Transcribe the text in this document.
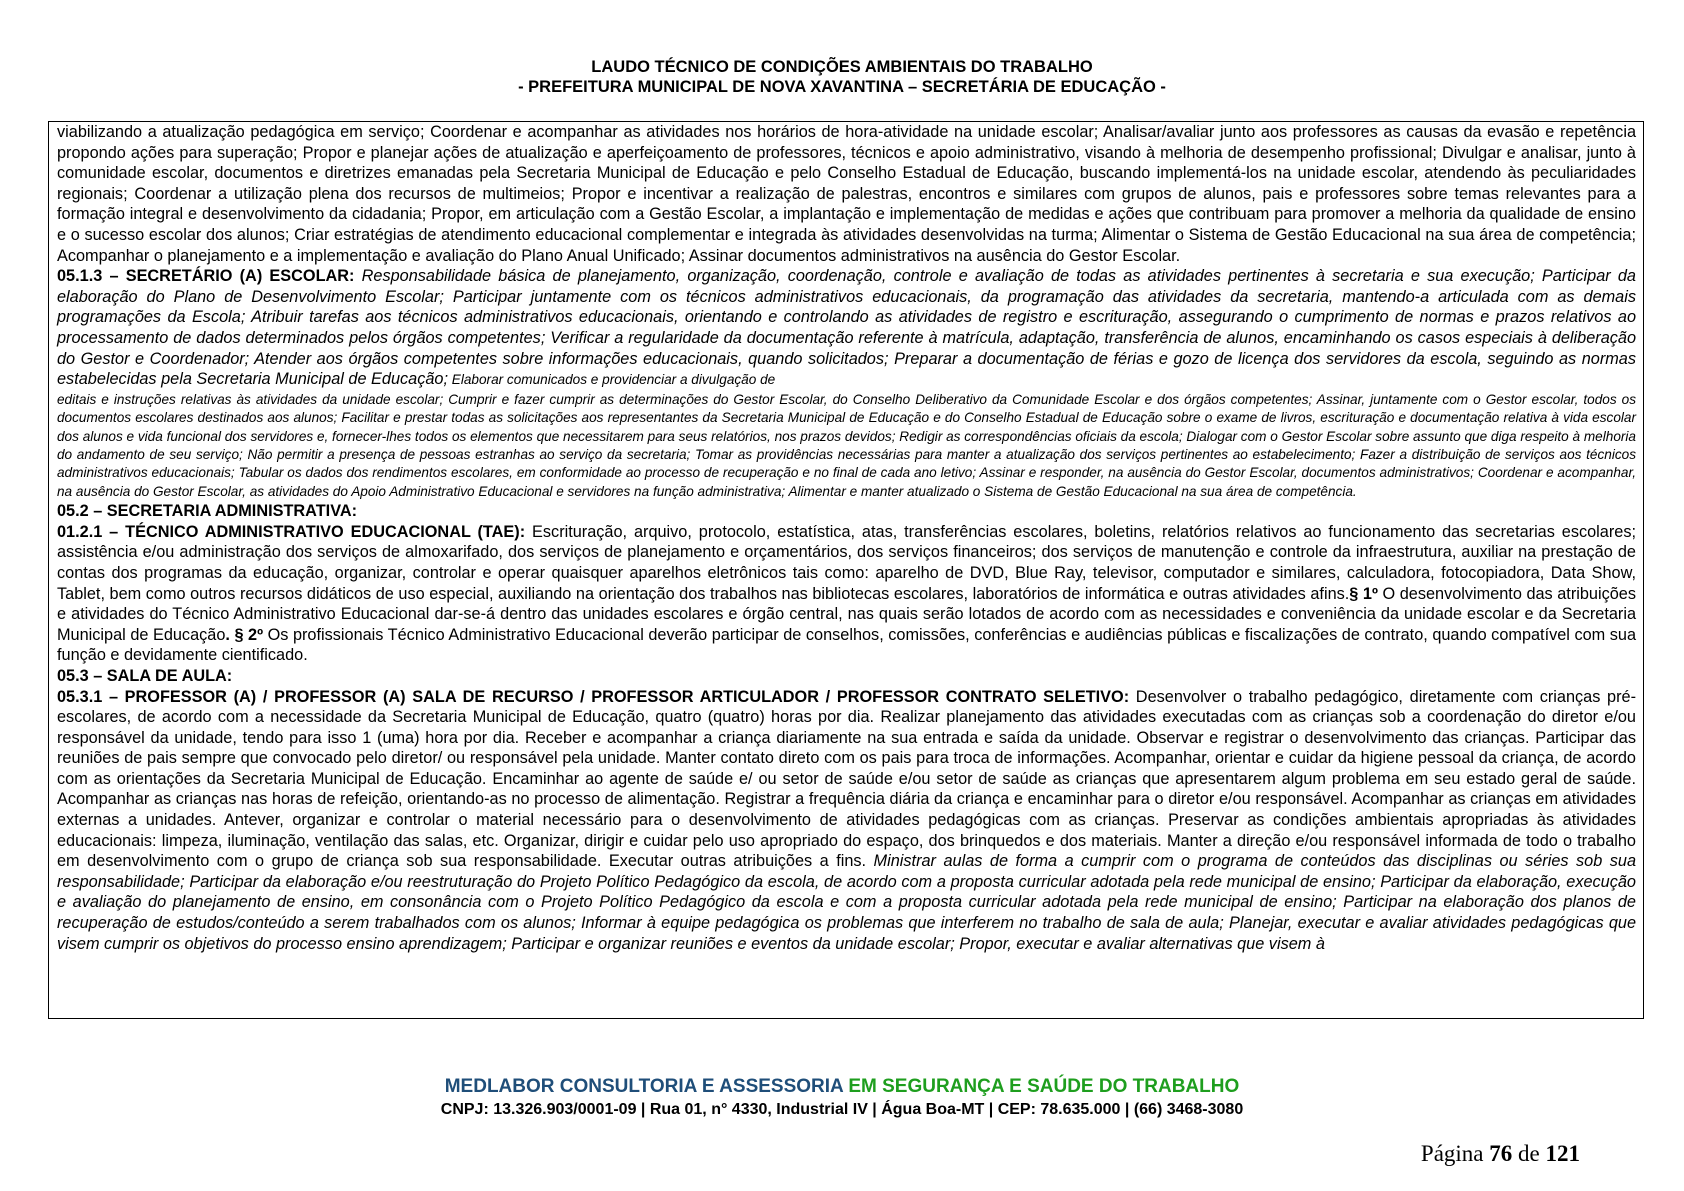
LAUDO TÉCNICO DE CONDIÇÕES AMBIENTAIS DO TRABALHO
- PREFEITURA MUNICIPAL DE NOVA XAVANTINA – SECRETÁRIA DE EDUCAÇÃO -

viabilizando a atualização pedagógica em serviço; Coordenar e acompanhar as atividades nos horários de hora-atividade na unidade escolar; Analisar/avaliar junto aos professores as causas da evasão e repetência propondo ações para superação; Propor e planejar ações de atualização e aperfeiçoamento de professores, técnicos e apoio administrativo, visando à melhoria de desempenho profissional; Divulgar e analisar, junto à comunidade escolar, documentos e diretrizes emanadas pela Secretaria Municipal de Educação e pelo Conselho Estadual de Educação, buscando implementá-los na unidade escolar, atendendo às peculiaridades regionais; Coordenar a utilização plena dos recursos de multimeios; Propor e incentivar a realização de palestras, encontros e similares com grupos de alunos, pais e professores sobre temas relevantes para a formação integral e desenvolvimento da cidadania; Propor, em articulação com a Gestão Escolar, a implantação e implementação de medidas e ações que contribuam para promover a melhoria da qualidade de ensino e o sucesso escolar dos alunos; Criar estratégias de atendimento educacional complementar e integrada às atividades desenvolvidas na turma; Alimentar o Sistema de Gestão Educacional na sua área de competência; Acompanhar o planejamento e a implementação e avaliação do Plano Anual Unificado; Assinar documentos administrativos na ausência do Gestor Escolar.

05.1.3 – SECRETÁRIO (A) ESCOLAR: Responsabilidade básica de planejamento, organização, coordenação, controle e avaliação de todas as atividades pertinentes à secretaria e sua execução; Participar da elaboração do Plano de Desenvolvimento Escolar; Participar juntamente com os técnicos administrativos educacionais, da programação das atividades da secretaria, mantendo-a articulada com as demais programações da Escola; Atribuir tarefas aos técnicos administrativos educacionais, orientando e controlando as atividades de registro e escrituração, assegurando o cumprimento de normas e prazos relativos ao processamento de dados determinados pelos órgãos competentes; Verificar a regularidade da documentação referente à matrícula, adaptação, transferência de alunos, encaminhando os casos especiais à deliberação do Gestor e Coordenador; Atender aos órgãos competentes sobre informações educacionais, quando solicitados; Preparar a documentação de férias e gozo de licença dos servidores da escola, seguindo as normas estabelecidas pela Secretaria Municipal de Educação; Elaborar comunicados e providenciar a divulgação de

editais e instruções relativas às atividades da unidade escolar; Cumprir e fazer cumprir as determinações do Gestor Escolar, do Conselho Deliberativo da Comunidade Escolar e dos órgãos competentes; Assinar, juntamente com o Gestor escolar, todos os documentos escolares destinados aos alunos; Facilitar e prestar todas as solicitações aos representantes da Secretaria Municipal de Educação e do Conselho Estadual de Educação sobre o exame de livros, escrituração e documentação relativa à vida escolar dos alunos e vida funcional dos servidores e, fornecer-lhes todos os elementos que necessitarem para seus relatórios, nos prazos devidos; Redigir as correspondências oficiais da escola; Dialogar com o Gestor Escolar sobre assunto que diga respeito à melhoria do andamento de seu serviço; Não permitir a presença de pessoas estranhas ao serviço da secretaria; Tomar as providências necessárias para manter a atualização dos serviços pertinentes ao estabelecimento; Fazer a distribuição de serviços aos técnicos administrativos educacionais; Tabular os dados dos rendimentos escolares, em conformidade ao processo de recuperação e no final de cada ano letivo; Assinar e responder, na ausência do Gestor Escolar, documentos administrativos; Coordenar e acompanhar, na ausência do Gestor Escolar, as atividades do Apoio Administrativo Educacional e servidores na função administrativa; Alimentar e manter atualizado o Sistema de Gestão Educacional na sua área de competência.

05.2 – SECRETARIA ADMINISTRATIVA:

01.2.1 – TÉCNICO ADMINISTRATIVO EDUCACIONAL (TAE): Escrituração, arquivo, protocolo, estatística, atas, transferências escolares, boletins, relatórios relativos ao funcionamento das secretarias escolares; assistência e/ou administração dos serviços de almoxarifado, dos serviços de planejamento e orçamentários, dos serviços financeiros; dos serviços de manutenção e controle da infraestrutura, auxiliar na prestação de contas dos programas da educação, organizar, controlar e operar quaisquer aparelhos eletrônicos tais como: aparelho de DVD, Blue Ray, televisor, computador e similares, calculadora, fotocopiadora, Data Show, Tablet, bem como outros recursos didáticos de uso especial, auxiliando na orientação dos trabalhos nas bibliotecas escolares, laboratórios de informática e outras atividades afins.§ 1º O desenvolvimento das atribuições e atividades do Técnico Administrativo Educacional dar-se-á dentro das unidades escolares e órgão central, nas quais serão lotados de acordo com as necessidades e conveniência da unidade escolar e da Secretaria Municipal de Educação. § 2º Os profissionais Técnico Administrativo Educacional deverão participar de conselhos, comissões, conferências e audiências públicas e fiscalizações de contrato, quando compatível com sua função e devidamente cientificado.

05.3 – SALA DE AULA:

05.3.1 – PROFESSOR (A) / PROFESSOR (A) SALA DE RECURSO / PROFESSOR ARTICULADOR / PROFESSOR CONTRATO SELETIVO: Desenvolver o trabalho pedagógico, diretamente com crianças pré-escolares, de acordo com a necessidade da Secretaria Municipal de Educação, quatro (quatro) horas por dia. Realizar planejamento das atividades executadas com as crianças sob a coordenação do diretor e/ou responsável da unidade, tendo para isso 1 (uma) hora por dia. Receber e acompanhar a criança diariamente na sua entrada e saída da unidade. Observar e registrar o desenvolvimento das crianças. Participar das reuniões de pais sempre que convocado pelo diretor/ ou responsável pela unidade. Manter contato direto com os pais para troca de informações. Acompanhar, orientar e cuidar da higiene pessoal da criança, de acordo com as orientações da Secretaria Municipal de Educação. Encaminhar ao agente de saúde e/ ou setor de saúde e/ou setor de saúde as crianças que apresentarem algum problema em seu estado geral de saúde. Acompanhar as crianças nas horas de refeição, orientando-as no processo de alimentação. Registrar a frequência diária da criança e encaminhar para o diretor e/ou responsável. Acompanhar as crianças em atividades externas a unidades. Antever, organizar e controlar o material necessário para o desenvolvimento de atividades pedagógicas com as crianças. Preservar as condições ambientais apropriadas às atividades educacionais: limpeza, iluminação, ventilação das salas, etc. Organizar, dirigir e cuidar pelo uso apropriado do espaço, dos brinquedos e dos materiais. Manter a direção e/ou responsável informada de todo o trabalho em desenvolvimento com o grupo de criança sob sua responsabilidade. Executar outras atribuições a fins. Ministrar aulas de forma a cumprir com o programa de conteúdos das disciplinas ou séries sob sua responsabilidade; Participar da elaboração e/ou reestruturação do Projeto Político Pedagógico da escola, de acordo com a proposta curricular adotada pela rede municipal de ensino; Participar da elaboração, execução e avaliação do planejamento de ensino, em consonância com o Projeto Político Pedagógico da escola e com a proposta curricular adotada pela rede municipal de ensino; Participar na elaboração dos planos de recuperação de estudos/conteúdo a serem trabalhados com os alunos; Informar à equipe pedagógica os problemas que interferem no trabalho de sala de aula; Planejar, executar e avaliar atividades pedagógicas que visem cumprir os objetivos do processo ensino aprendizagem; Participar e organizar reuniões e eventos da unidade escolar; Propor, executar e avaliar alternativas que visem à

MEDLABOR CONSULTORIA E ASSESSORIA EM SEGURANÇA E SAÚDE DO TRABALHO
CNPJ: 13.326.903/0001-09 | Rua 01, n° 4330, Industrial IV | Água Boa-MT | CEP: 78.635.000 | (66) 3468-3080
Página 76 de 121
